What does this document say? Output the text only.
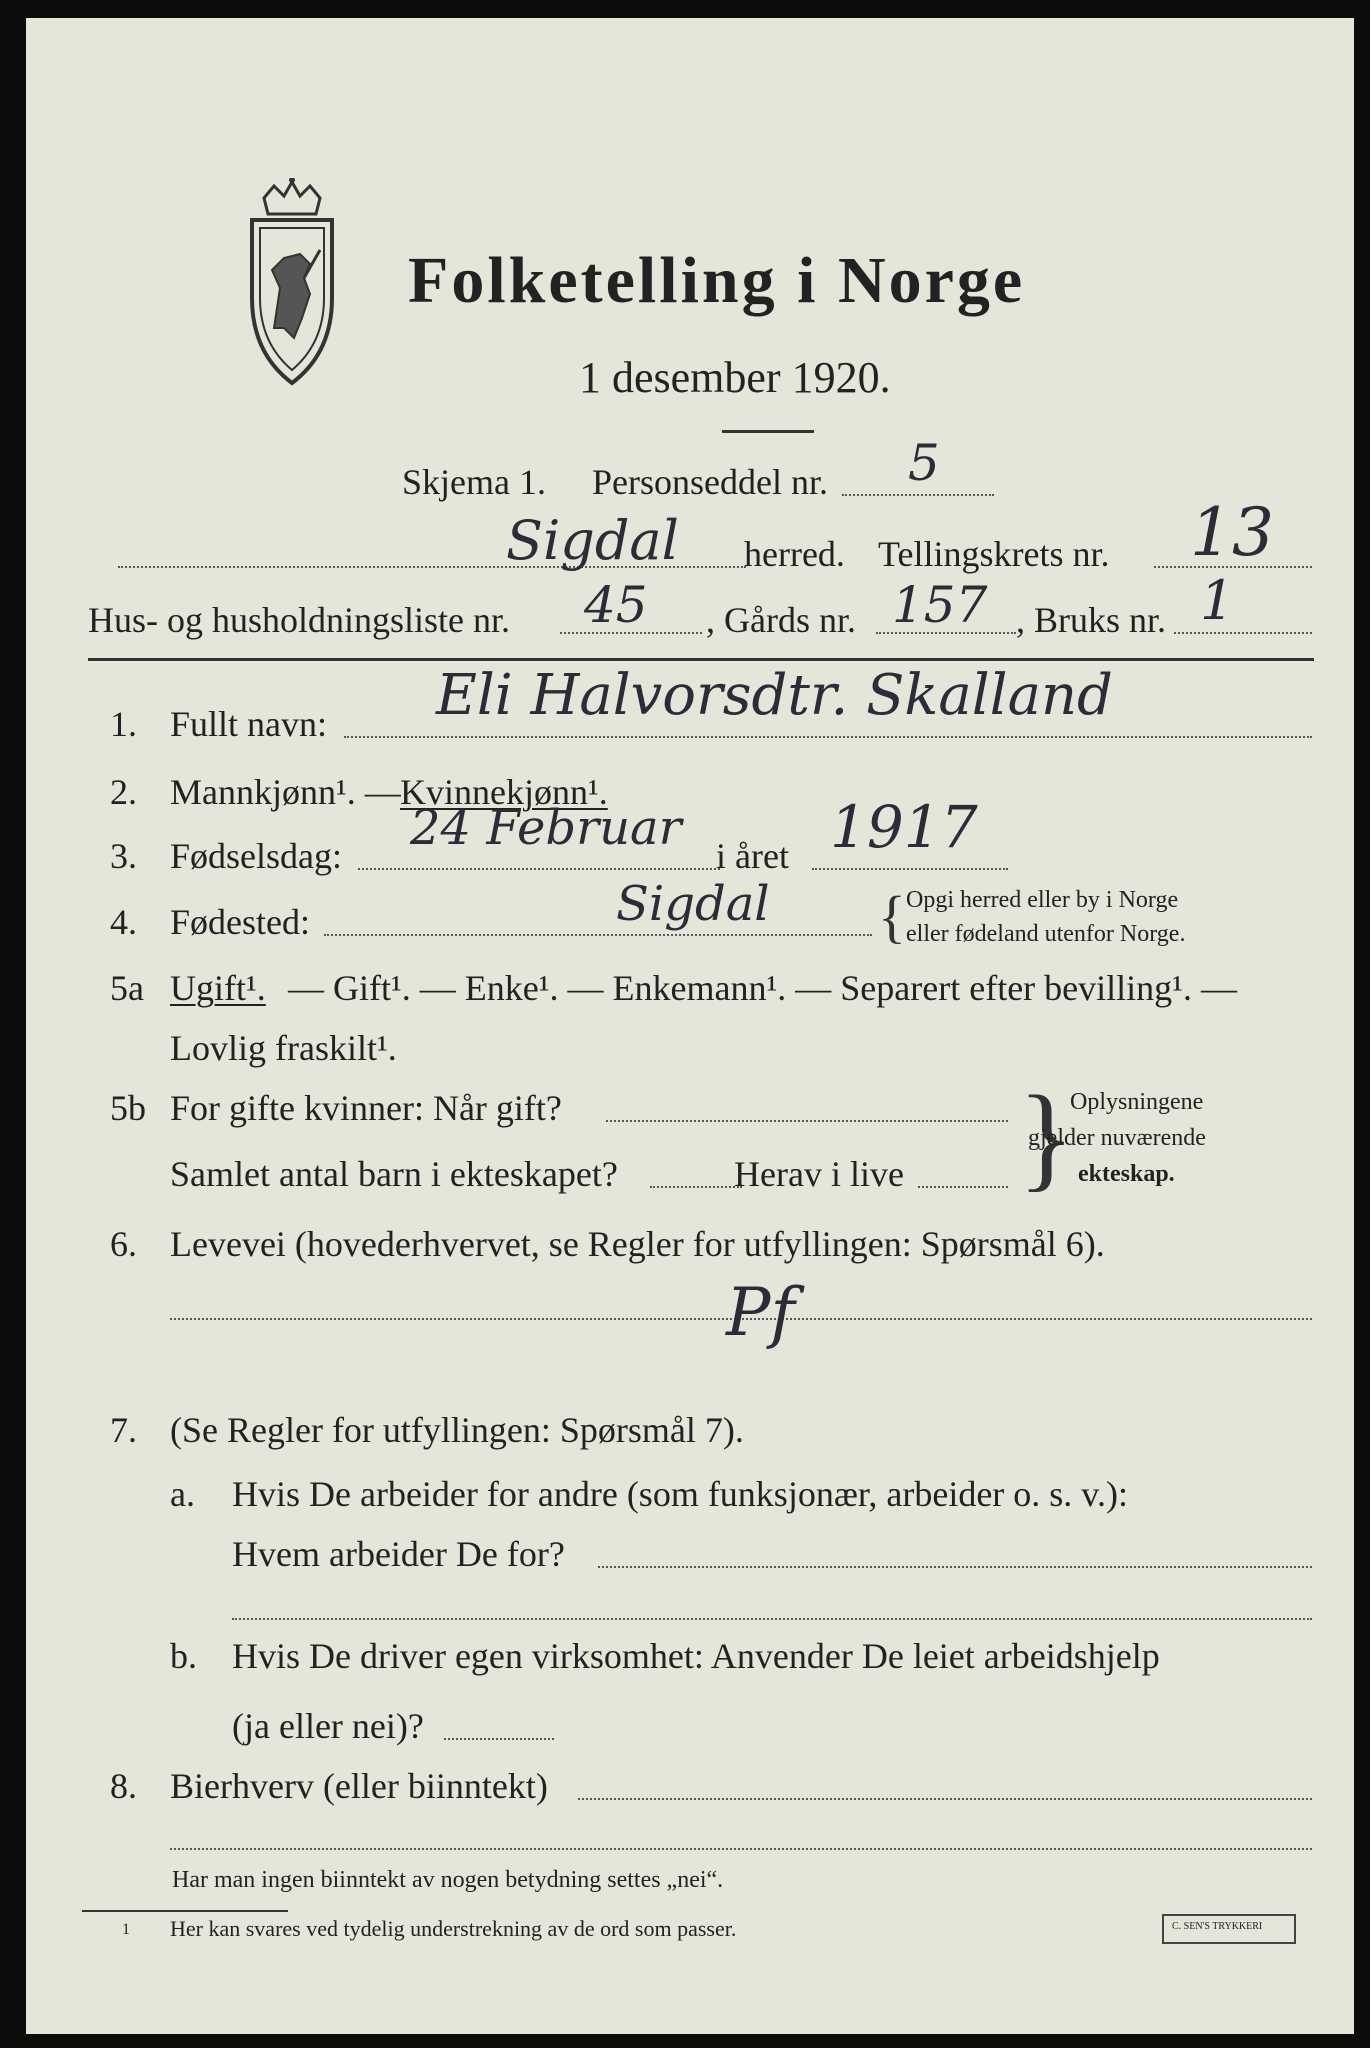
Folketelling i Norge
1 desember 1920.
Skjema 1. Personseddel nr. 5
Sigdal herred. Tellingskrets nr. 13
Hus- og husholdningsliste nr. 45 , Gårds nr. 157 , Bruks nr. 1
1. Fullt navn: Eli Halvorsdtr. Skalland
2. Mannkjønn¹. — Kvinnekjønn¹.
3. Fødselsdag: 24 Februar i året 1917
4. Fødested:	Sigdal { Opgi herred eller by i Norge
eller fødeland utenfor Norge.
5a Ugift¹. — Gift¹. — Enke¹. — Enkemann¹. — Separert efter bevilling¹. —
Lovlig fraskilt¹.
5b For gifte kvinner: Når gift?
Samlet antal barn i ekteskapet?	Herav i live }
Oplysningene
gjelder nuværende
ekteskap.
6. Levevei (hovederhvervet, se Regler for utfyllingen: Spørsmål 6).
Pf
7. (Se Regler for utfyllingen: Spørsmål 7).
a. Hvis De arbeider for andre (som funksjonær, arbeider o. s. v.):
Hvem arbeider De for?
b. Hvis De driver egen virksomhet: Anvender De leiet arbeidshjelp
(ja eller nei)?
8. Bierhverv (eller biinntekt)
Har man ingen biinntekt av nogen betydning settes „nei“.
1 Her kan svares ved tydelig understrekning av de ord som passer.	C. SEN'S TRYKKERI
